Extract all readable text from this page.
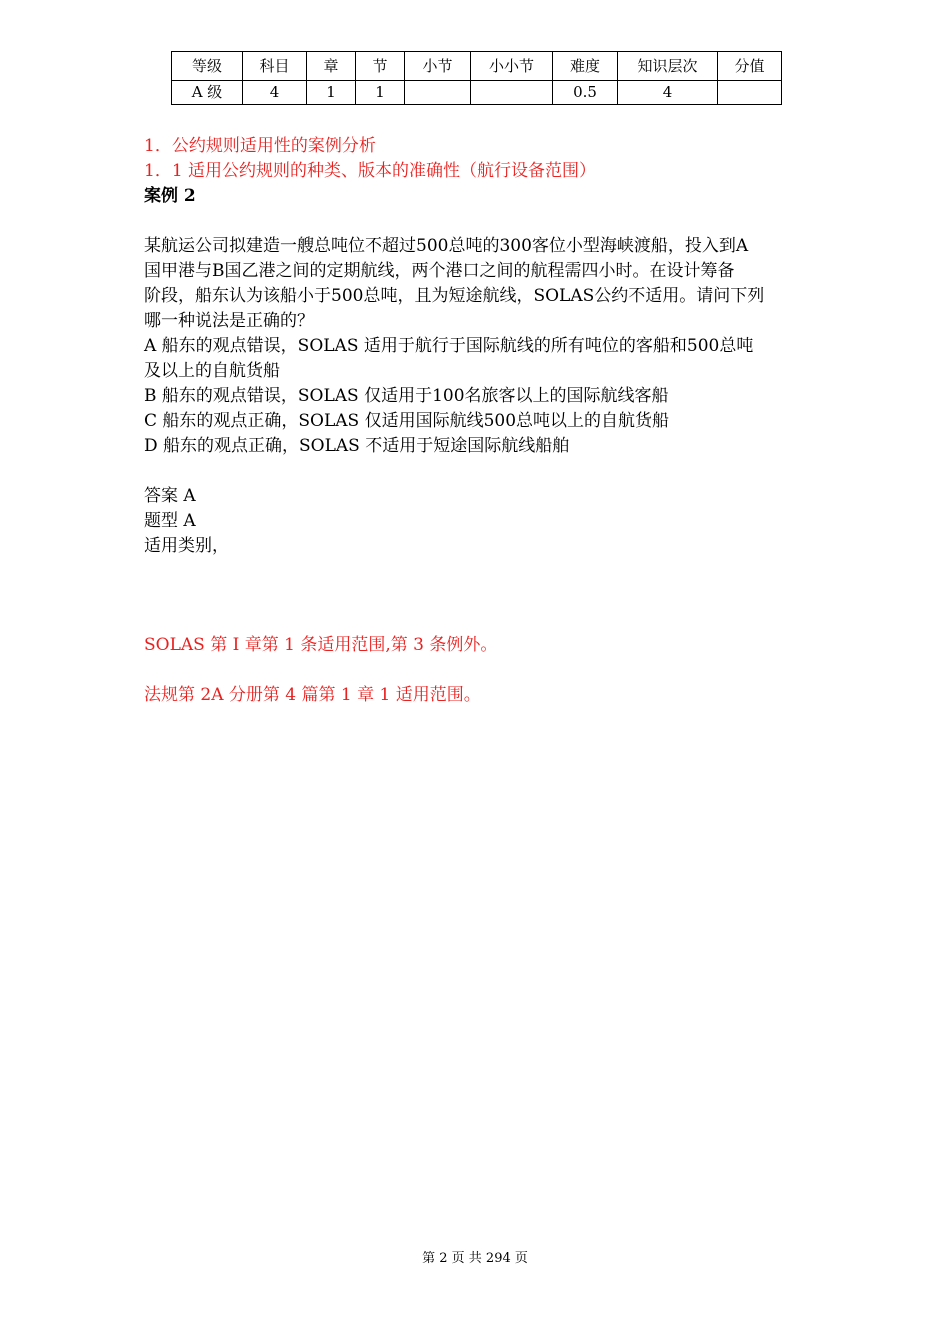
等级	科目	章	节	小节	小小节	难度	知识层次	分值
A 级	4	1	1			0.5	4	
1．公约规则适用性的案例分析
1．1 适用公约规则的种类、版本的准确性（航行设备范围）
案例 2
某航运公司拟建造一艘总吨位不超过500总吨的300客位小型海峡渡船，投入到A
国甲港与B国乙港之间的定期航线，两个港口之间的航程需四小时。在设计筹备
阶段，船东认为该船小于500总吨，且为短途航线，SOLAS公约不适用。请问下列
哪一种说法是正确的？
A 船东的观点错误，SOLAS 适用于航行于国际航线的所有吨位的客船和500总吨
及以上的自航货船
B 船东的观点错误，SOLAS 仅适用于100名旅客以上的国际航线客船
C 船东的观点正确，SOLAS 仅适用国际航线500总吨以上的自航货船
D 船东的观点正确，SOLAS 不适用于短途国际航线船舶
答案 A
题型 A
适用类别，
SOLAS 第 I 章第 1 条适用范围,第 3 条例外。
法规第 2A 分册第 4 篇第 1 章 1 适用范围。
第 2 页 共 294 页
